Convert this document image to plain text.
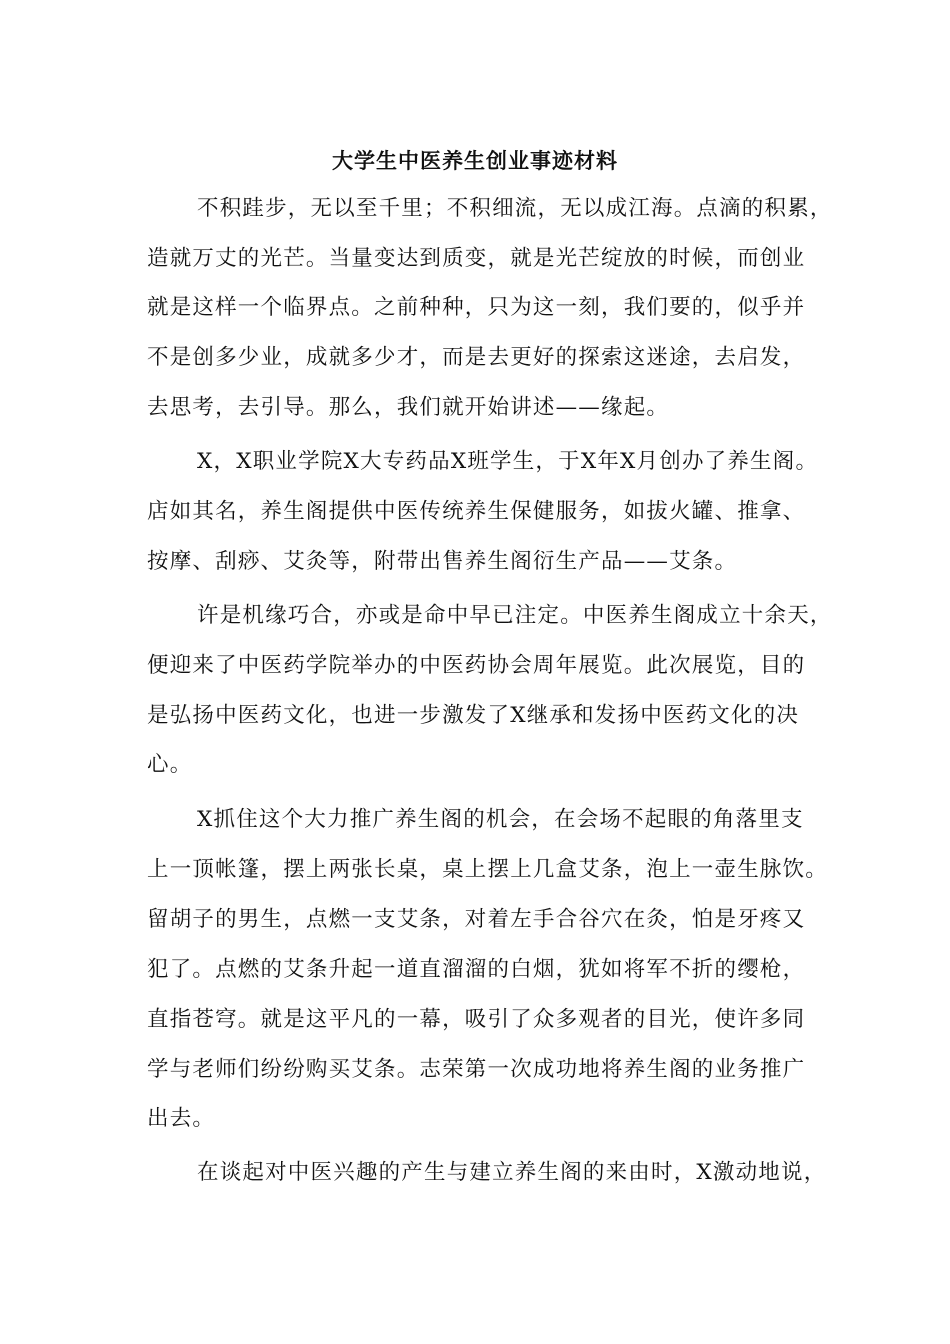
大学生中医养生创业事迹材料
不积跬步，无以至千里；不积细流，无以成江海。点滴的积累，
造就万丈的光芒。当量变达到质变，就是光芒绽放的时候，而创业
就是这样一个临界点。之前种种，只为这一刻，我们要的，似乎并
不是创多少业，成就多少才，而是去更好的探索这迷途，去启发，
去思考，去引导。那么，我们就开始讲述——缘起。
X，X职业学院X大专药品X班学生，于X年X月创办了养生阁。
店如其名，养生阁提供中医传统养生保健服务，如拔火罐、推拿、
按摩、刮痧、艾灸等，附带出售养生阁衍生产品——艾条。
许是机缘巧合，亦或是命中早已注定。中医养生阁成立十余天，
便迎来了中医药学院举办的中医药协会周年展览。此次展览，目的
是弘扬中医药文化，也进一步激发了X继承和发扬中医药文化的决
心。
X抓住这个大力推广养生阁的机会，在会场不起眼的角落里支
上一顶帐篷，摆上两张长桌，桌上摆上几盒艾条，泡上一壶生脉饮。
留胡子的男生，点燃一支艾条，对着左手合谷穴在灸，怕是牙疼又
犯了。点燃的艾条升起一道直溜溜的白烟，犹如将军不折的缨枪，
直指苍穹。就是这平凡的一幕，吸引了众多观者的目光，使许多同
学与老师们纷纷购买艾条。志荣第一次成功地将养生阁的业务推广
出去。
在谈起对中医兴趣的产生与建立养生阁的来由时，X激动地说，
